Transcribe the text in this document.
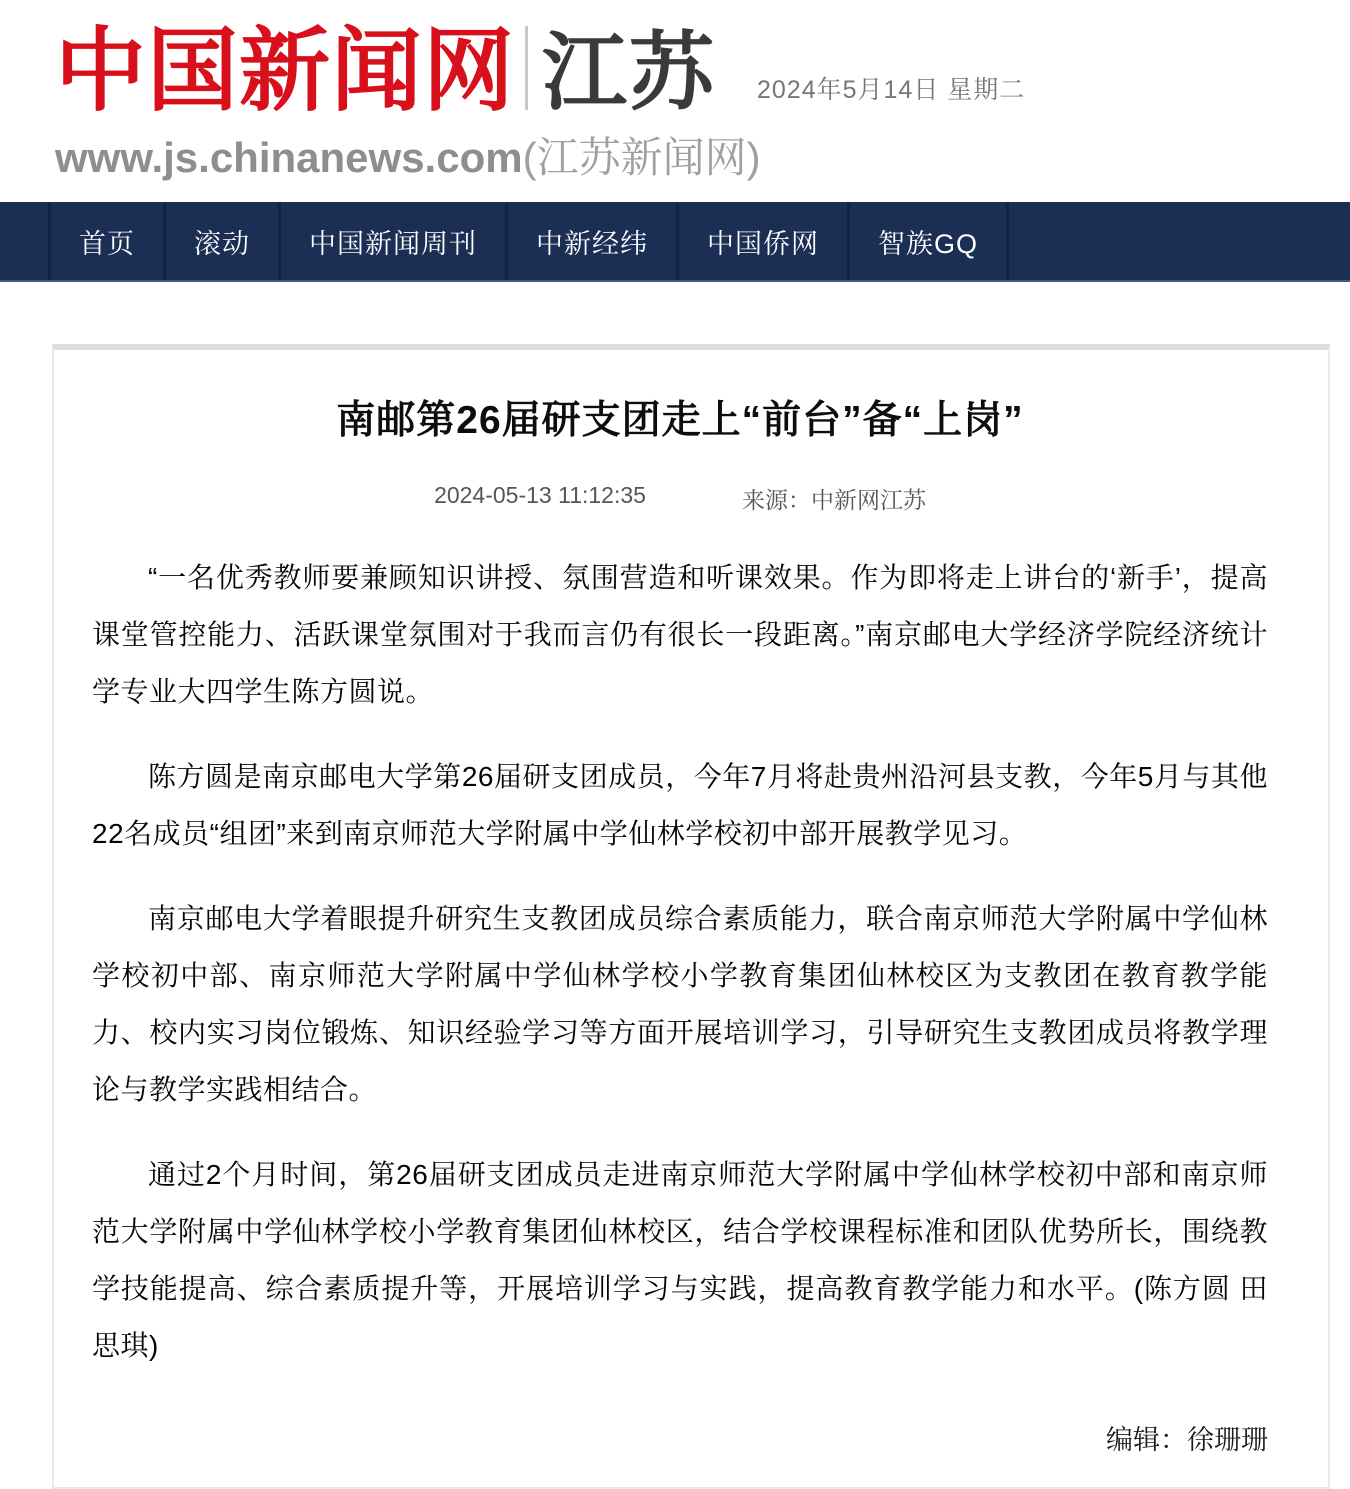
中国新闻网 江苏 2024年5月14日 星期二
www.js.chinanews.com(江苏新闻网)
首页	滚动	中国新闻周刊	中新经纬	中国侨网	智族GQ
南邮第26届研支团走上“前台”备“上岗”
2024-05-13 11:12:35	来源：中新网江苏

“一名优秀教师要兼顾知识讲授、氛围营造和听课效果。作为即将走上讲台的‘新手’，提高课堂管控能力、活跃课堂氛围对于我而言仍有很长一段距离。”南京邮电大学经济学院经济统计学专业大四学生陈方圆说。

陈方圆是南京邮电大学第26届研支团成员，今年7月将赴贵州沿河县支教，今年5月与其他22名成员“组团”来到南京师范大学附属中学仙林学校初中部开展教学见习。

南京邮电大学着眼提升研究生支教团成员综合素质能力，联合南京师范大学附属中学仙林学校初中部、南京师范大学附属中学仙林学校小学教育集团仙林校区为支教团在教育教学能力、校内实习岗位锻炼、知识经验学习等方面开展培训学习，引导研究生支教团成员将教学理论与教学实践相结合。

通过2个月时间，第26届研支团成员走进南京师范大学附属中学仙林学校初中部和南京师范大学附属中学仙林学校小学教育集团仙林校区，结合学校课程标准和团队优势所长，围绕教学技能提高、综合素质提升等，开展培训学习与实践，提高教育教学能力和水平。(陈方圆 田思琪)

编辑：徐珊珊
